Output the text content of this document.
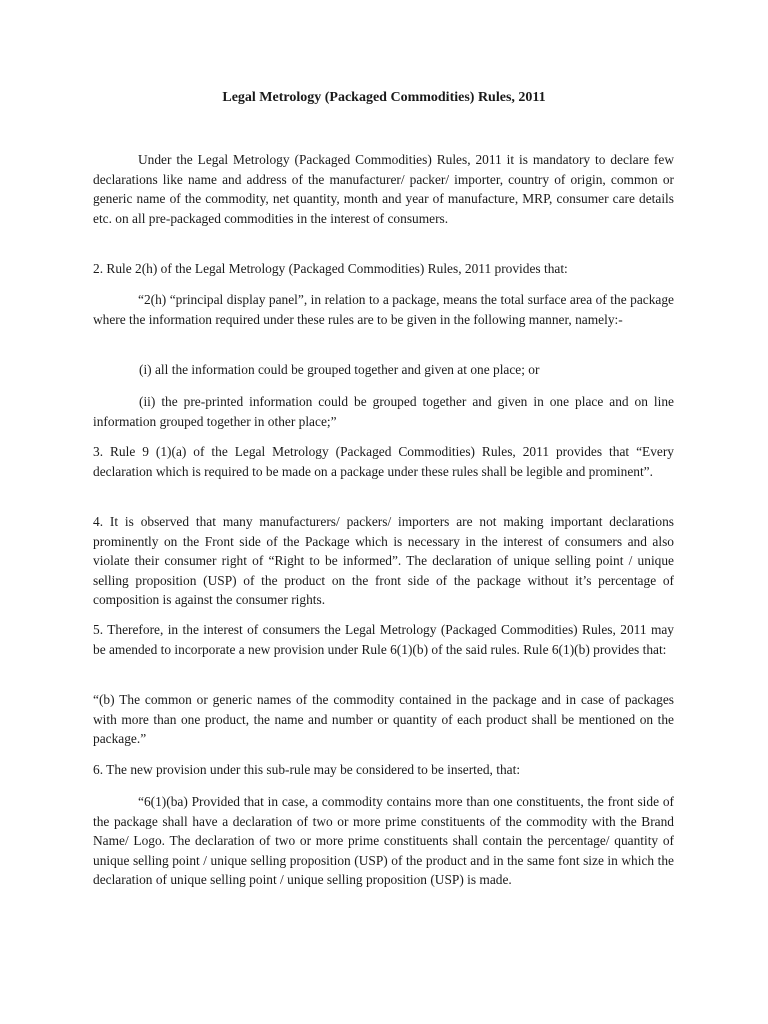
Legal Metrology (Packaged Commodities) Rules, 2011

Under the Legal Metrology (Packaged Commodities) Rules, 2011 it is mandatory to declare few declarations like name and address of the manufacturer/ packer/ importer, country of origin, common or generic name of the commodity, net quantity, month and year of manufacture, MRP, consumer care details etc. on all pre-packaged commodities in the interest of consumers.

2. Rule 2(h) of the Legal Metrology (Packaged Commodities) Rules, 2011 provides that:

“2(h) “principal display panel”, in relation to a package, means the total surface area of the package where the information required under these rules are to be given in the following manner, namely:-

(i) all the information could be grouped together and given at one place; or

(ii) the pre-printed information could be grouped together and given in one place and on line information grouped together in other place;”

3. Rule 9 (1)(a) of the Legal Metrology (Packaged Commodities) Rules, 2011 provides that “Every declaration which is required to be made on a package under these rules shall be legible and prominent”.

4. It is observed that many manufacturers/ packers/ importers are not making important declarations prominently on the Front side of the Package which is necessary in the interest of consumers and also violate their consumer right of “Right to be informed”. The declaration of unique selling point / unique selling proposition (USP) of the product on the front side of the package without it’s percentage of composition is against the consumer rights.

5. Therefore, in the interest of consumers the Legal Metrology (Packaged Commodities) Rules, 2011 may be amended to incorporate a new provision under Rule 6(1)(b) of the said rules. Rule 6(1)(b) provides that:

“(b) The common or generic names of the commodity contained in the package and in case of packages with more than one product, the name and number or quantity of each product shall be mentioned on the package.”

6. The new provision under this sub-rule may be considered to be inserted, that:

“6(1)(ba) Provided that in case, a commodity contains more than one constituents, the front side of the package shall have a declaration of two or more prime constituents of the commodity with the Brand Name/ Logo. The declaration of two or more prime constituents shall contain the percentage/ quantity of unique selling point / unique selling proposition (USP) of the product and in the same font size in which the declaration of unique selling point / unique selling proposition (USP) is made.
